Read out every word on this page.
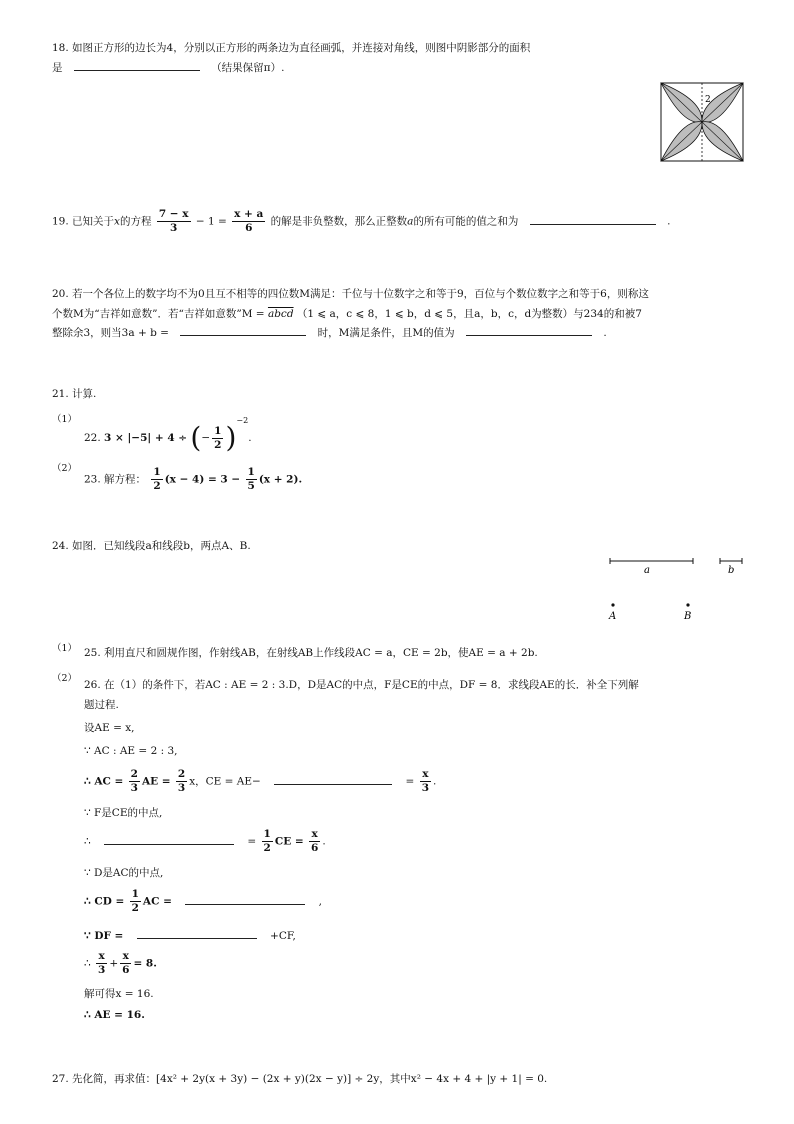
18. 如图正方形的边长为4，分别以正方形的两条边为直径画弧，并连接对角线，则图中阴影部分的面积
是	（结果保留π）.
2
19. 已知关于x的方程 $\frac{7 - x}{3} - 1 = \frac{x + a}{6}$ 的解是非负整数，那么正整数a的所有可能的值之和为	.
20. 若一个各位上的数字均不为0且互不相等的四位数M满足：千位与十位数字之和等于9，百位与个数位数字之和等于6，则称这
个数M为“吉祥如意数”．若“吉祥如意数”M = abcd （1 ⩽ a，c ⩽ 8，1 ⩽ b，d ⩽ 5，且a，b，c，d为整数）与234的和被7
整除余3，则当3a + b =	时，M满足条件，且M的值为	.
21. 计算.
（1）
22. 3 × |−5| + 4 ÷ (− $\frac{1}{2} )^{-2}$.
（2）
23. 解方程： $\frac{1}{2} (x - 4) = 3 - \frac{1}{5} (x + 2)$.
24. 如图．已知线段a和线段b，两点A、B.
a	b
A	B
（1） 25. 利用直尺和圆规作图，作射线AB，在射线AB上作线段AC = a，CE = 2b，使AE = a + 2b.
（2）
26. 在（1）的条件下，若AC : AE = 2 : 3.D，D是AC的中点，F是CE的中点，DF = 8．求线段AE的长．补全下列解
题过程.
设AE = x,
∵ AC : AE = 2 : 3,
∴ AC = $\frac{2}{3}$ AE = $\frac{2}{3}$ x，CE = AE−	= $\frac{x}{3}$ .
∵ F是CE的中点,
∴	= $\frac{1}{2}$ CE = $\frac{x}{6}$ .
∵ D是AC的中点,
∴ CD = $\frac{1}{2}$ AC =	,
∵ DF =	+CF,
∴ $\frac{x}{3} + \frac{x}{6} = 8$.
解可得x = 16.
∴ AE = 16.
27. 先化简，再求值：[4x² + 2y(x + 3y) − (2x + y)(2x − y)] ÷ 2y，其中x² − 4x + 4 + |y + 1| = 0.
